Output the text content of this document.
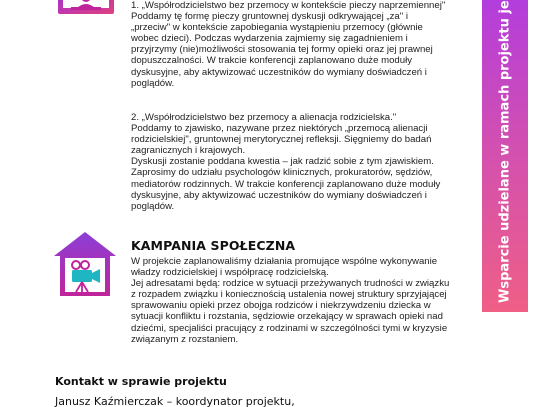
1. „Współrodzicielstwo bez przemocy w kontekście pieczy naprzemiennej"
Poddamy tę formę pieczy gruntownej dyskusji odkrywającej „za" i
„przeciw" w kontekście zapobiegania wystąpieniu przemocy (głównie
wobec dzieci). Podczas wydarzenia zajmiemy się zagadnieniem i
przyjrzymy (nie)możliwości stosowania tej formy opieki oraz jej prawnej
dopuszczalności. W trakcie konferencji zaplanowano duże moduły
dyskusyjne, aby aktywizować uczestników do wymiany doświadczeń i
poglądów.
2. „Współrodzicielstwo bez przemocy a alienacja rodzicielska."
Poddamy to zjawisko, nazywane przez niektórych „przemocą alienacji
rodzicielskiej", gruntownej merytorycznej refleksji. Sięgniemy do badań
zagranicznych i krajowych.
Dyskusji zostanie poddana kwestia – jak radzić sobie z tym zjawiskiem.
Zaprosimy do udziału psychologów klinicznych, prokuratorów, sędziów,
mediatorów rodzinnych. W trakcie konferencji zaplanowano duże moduły
dyskusyjne, aby aktywizować uczestników do wymiany doświadczeń i
poglądów.
KAMPANIA SPOŁECZNA
W projekcie zaplanowaliśmy działania promujące wspólne wykonywanie
władzy rodzicielskiej i współpracę rodzicielską.
Jej adresatami będą: rodzice w sytuacji przeżywanych trudności w związku
z rozpadem związku i koniecznością ustalenia nowej struktury sprzyjającej
sprawowaniu opieki przez obojga rodziców i niekrzywdzeniu dziecka w
sytuacji konfliktu i rozstania, sędziowie orzekający w sprawach opieki nad
dziećmi, specjaliści pracujący z rodzinami w szczególności tymi w kryzysie
związanym z rozstaniem.
Kontakt w sprawie projektu
Janusz Kaźmierczak – koordynator projektu,
Wsparcie udzielane w ramach projektu je
